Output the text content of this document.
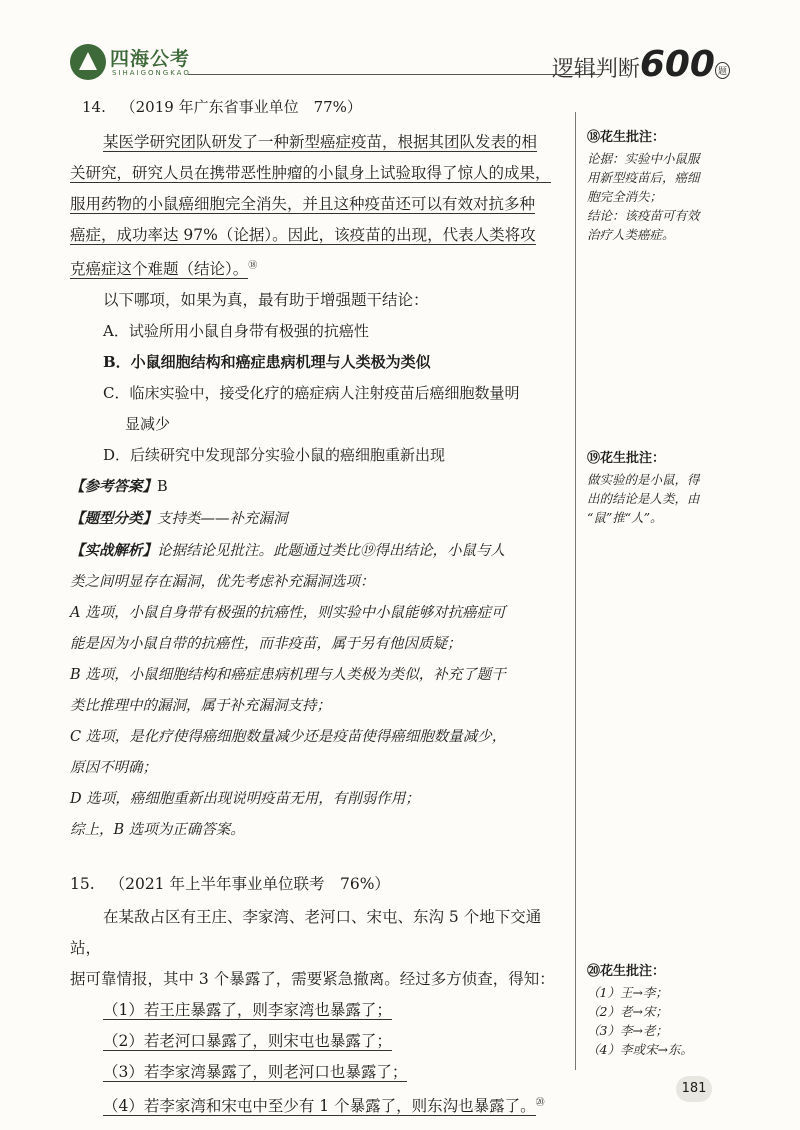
四海公考
SIHAIGONGKAO	逻辑判断600 题
14. （2019 年广东省事业单位　77%）
某医学研究团队研发了一种新型癌症疫苗，根据其团队发表的相

关研究，研究人员在携带恶性肿瘤的小鼠身上试验取得了惊人的成果，
服用药物的小鼠癌细胞完全消失，并且这种疫苗还可以有效对抗多种
癌症，成功率达 97%（论据）。因此，该疫苗的出现，代表人类将攻
克癌症这个难题（结论）。⑱
以下哪项，如果为真，最有助于增强题干结论：
A．试验所用小鼠自身带有极强的抗癌性
B．小鼠细胞结构和癌症患病机理与人类极为类似
C．临床实验中，接受化疗的癌症病人注射疫苗后癌细胞数量明
显减少
D．后续研究中发现部分实验小鼠的癌细胞重新出现
【参考答案】B
【题型分类】支持类——补充漏洞
【实战解析】论据结论见批注。此题通过类比⑲得出结论，小鼠与人
类之间明显存在漏洞，优先考虑补充漏洞选项：
A 选项，小鼠自身带有极强的抗癌性，则实验中小鼠能够对抗癌症可
能是因为小鼠自带的抗癌性，而非疫苗，属于另有他因质疑；
B 选项，小鼠细胞结构和癌症患病机理与人类极为类似，补充了题干
类比推理中的漏洞，属于补充漏洞支持；
C 选项，是化疗使得癌细胞数量减少还是疫苗使得癌细胞数量减少，
原因不明确；
D 选项，癌细胞重新出现说明疫苗无用，有削弱作用；
综上，B 选项为正确答案。
15. （2021 年上半年事业单位联考　76%）
在某敌占区有王庄、李家湾、老河口、宋屯、东沟 5 个地下交通站，
据可靠情报，其中 3 个暴露了，需要紧急撤离。经过多方侦查，得知：
（1）若王庄暴露了，则李家湾也暴露了；
（2）若老河口暴露了，则宋屯也暴露了；
（3）若李家湾暴露了，则老河口也暴露了；
（4）若李家湾和宋屯中至少有 1 个暴露了，则东沟也暴露了。⑳
⑱花生批注：
论据：实验中小鼠服
用新型疫苗后，癌细
胞完全消失；
结论：该疫苗可有效
治疗人类癌症。
⑲花生批注：
做实验的是小鼠，得
出的结论是人类，由
“鼠”推“人”。
⑳花生批注：
（1）王→李；
（2）老→宋；
（3）李→老；
（4）李或宋→东。
181
